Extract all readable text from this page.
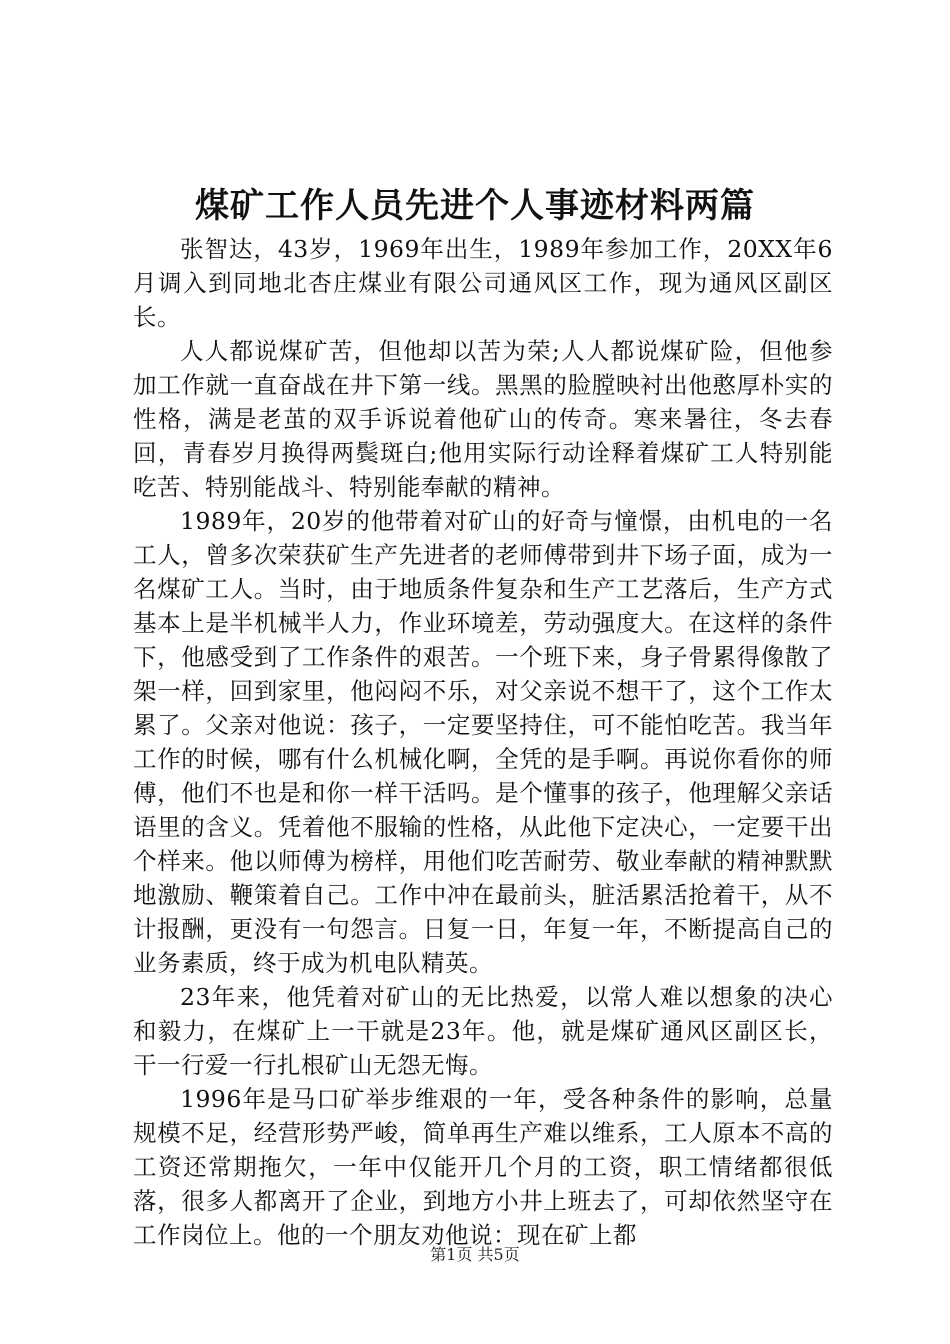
煤矿工作人员先进个人事迹材料两篇

张智达，43岁，1969年出生，1989年参加工作，20XX年6月调入到同地北杏庄煤业有限公司通风区工作，现为通风区副区长。

人人都说煤矿苦，但他却以苦为荣;人人都说煤矿险，但他参加工作就一直奋战在井下第一线。黑黑的脸膛映衬出他憨厚朴实的性格，满是老茧的双手诉说着他矿山的传奇。寒来暑往，冬去春回，青春岁月换得两鬓斑白;他用实际行动诠释着煤矿工人特别能吃苦、特别能战斗、特别能奉献的精神。

1989年，20岁的他带着对矿山的好奇与憧憬，由机电的一名工人，曾多次荣获矿生产先进者的老师傅带到井下场子面，成为一名煤矿工人。当时，由于地质条件复杂和生产工艺落后，生产方式基本上是半机械半人力，作业环境差，劳动强度大。在这样的条件下，他感受到了工作条件的艰苦。一个班下来，身子骨累得像散了架一样，回到家里，他闷闷不乐，对父亲说不想干了，这个工作太累了。父亲对他说：孩子，一定要坚持住，可不能怕吃苦。我当年工作的时候，哪有什么机械化啊，全凭的是手啊。再说你看你的师傅，他们不也是和你一样干活吗。是个懂事的孩子，他理解父亲话语里的含义。凭着他不服输的性格，从此他下定决心，一定要干出个样来。他以师傅为榜样，用他们吃苦耐劳、敬业奉献的精神默默地激励、鞭策着自己。工作中冲在最前头，脏活累活抢着干，从不计报酬，更没有一句怨言。日复一日，年复一年，不断提高自己的业务素质，终于成为机电队精英。

23年来，他凭着对矿山的无比热爱，以常人难以想象的决心和毅力，在煤矿上一干就是23年。他，就是煤矿通风区副区长，干一行爱一行扎根矿山无怨无悔。

1996年是马口矿举步维艰的一年，受各种条件的影响，总量规模不足，经营形势严峻，简单再生产难以维系，工人原本不高的工资还常期拖欠，一年中仅能开几个月的工资，职工情绪都很低落，很多人都离开了企业，到地方小井上班去了，可却依然坚守在工作岗位上。他的一个朋友劝他说：现在矿上都

第1页 共5页
